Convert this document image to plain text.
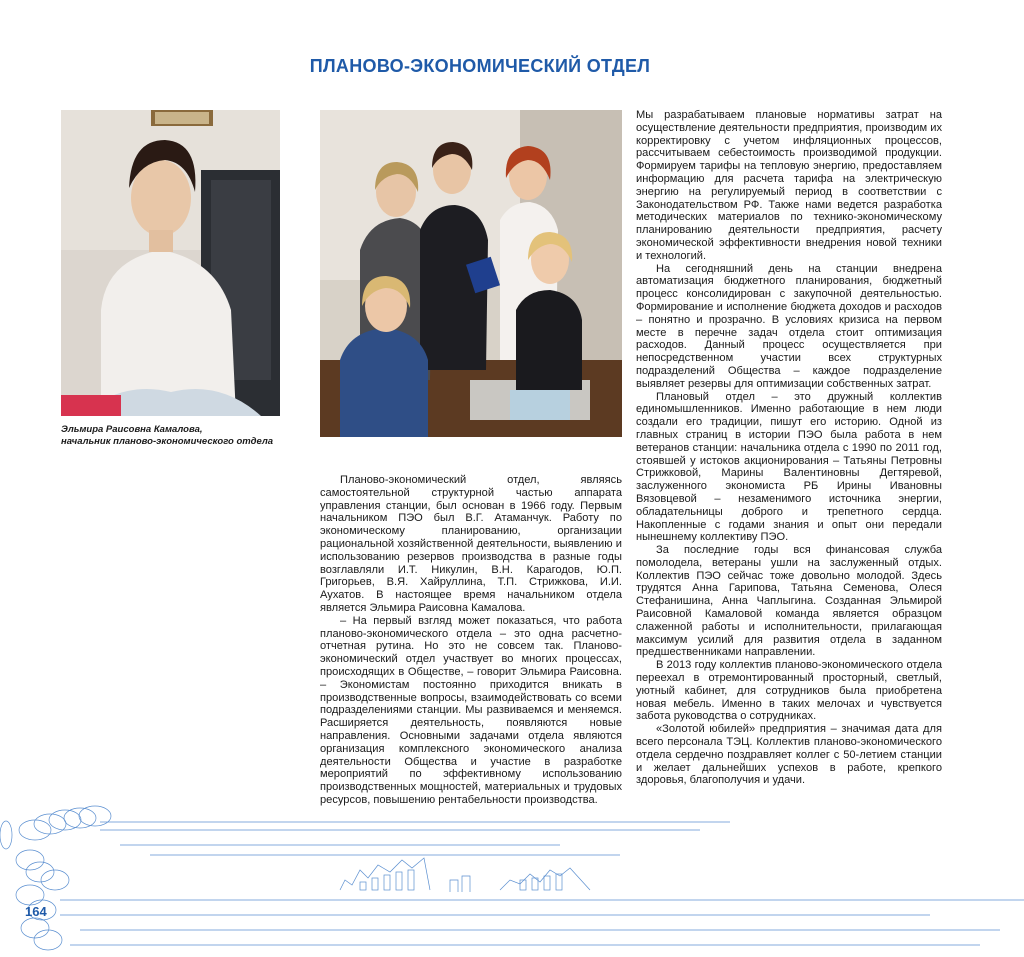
ПЛАНОВО-ЭКОНОМИЧЕСКИЙ ОТДЕЛ
Эльмира Раисовна Камалова,
начальник планово-экономического отдела

Планово-экономический отдел, являясь самостоятельной структурной частью аппарата управления станции, был основан в 1966 году. Первым начальником ПЭО был В.Г. Атаманчук. Работу по экономическому планированию, организации рациональной хозяйственной деятельности, выявлению и использованию резервов производства в разные годы возглавляли И.Т. Никулин, В.Н. Карагодов, Ю.П. Григорьев, В.Я. Хайруллина, Т.П. Стрижкова, И.И. Аухатов. В настоящее время начальником отдела является Эльмира Раисовна Камалова.

– На первый взгляд может показаться, что работа планово-экономического отдела – это одна расчетно-отчетная рутина. Но это не совсем так. Планово-экономический отдел участвует во многих процессах, происходящих в Обществе, – говорит Эльмира Раисовна. – Экономистам постоянно приходится вникать в производственные вопросы, взаимодействовать со всеми подразделениями станции. Мы развиваемся и меняемся. Расширяется деятельность, появляются новые направления. Основными задачами отдела являются организация комплексного экономического анализа деятельности Общества и участие в разработке мероприятий по эффективному использованию производственных мощностей, материальных и трудовых ресурсов, повышению рентабельности производства.

Мы разрабатываем плановые нормативы затрат на осуществление деятельности предприятия, производим их корректировку с учетом инфляционных процессов, рассчитываем себестоимость производимой продукции. Формируем тарифы на тепловую энергию, предоставляем информацию для расчета тарифа на электрическую энергию на регулируемый период в соответствии с Законодательством РФ. Также нами ведется разработка методических материалов по технико-экономическому планированию деятельности предприятия, расчету экономической эффективности внедрения новой техники и технологий.

На сегодняшний день на станции внедрена автоматизация бюджетного планирования, бюджетный процесс консолидирован с закупочной деятельностью. Формирование и исполнение бюджета доходов и расходов – понятно и прозрачно. В условиях кризиса на первом месте в перечне задач отдела стоит оптимизация расходов. Данный процесс осуществляется при непосредственном участии всех структурных подразделений Общества – каждое подразделение выявляет резервы для оптимизации собственных затрат.

Плановый отдел – это дружный коллектив единомышленников. Именно работающие в нем люди создали его традиции, пишут его историю. Одной из главных страниц в истории ПЭО была работа в нем ветеранов станции: начальника отдела с 1990 по 2011 год, стоявшей у истоков акционирования – Татьяны Петровны Стрижковой, Марины Валентиновны Дегтяревой, заслуженного экономиста РБ Ирины Ивановны Вязовцевой – незаменимого источника энергии, обладательницы доброго и трепетного сердца. Накопленные с годами знания и опыт они передали нынешнему коллективу ПЭО.

За последние годы вся финансовая служба помолодела, ветераны ушли на заслуженный отдых. Коллектив ПЭО сейчас тоже довольно молодой. Здесь трудятся Анна Гарипова, Татьяна Семенова, Олеся Стефанишина, Анна Чаплыгина. Созданная Эльмирой Раисовной Камаловой команда является образцом слаженной работы и исполнительности, прилагающая максимум усилий для развития отдела в заданном предшественниками направлении.

В 2013 году коллектив планово-экономического отдела переехал в отремонтированный просторный, светлый, уютный кабинет, для сотрудников была приобретена новая мебель. Именно в таких мелочах и чувствуется забота руководства о сотрудниках.

«Золотой юбилей» предприятия – значимая дата для всего персонала ТЭЦ. Коллектив планово-экономического отдела сердечно поздравляет коллег с 50-летием станции и желает дальнейших успехов в работе, крепкого здоровья, благополучия и удачи.

164
